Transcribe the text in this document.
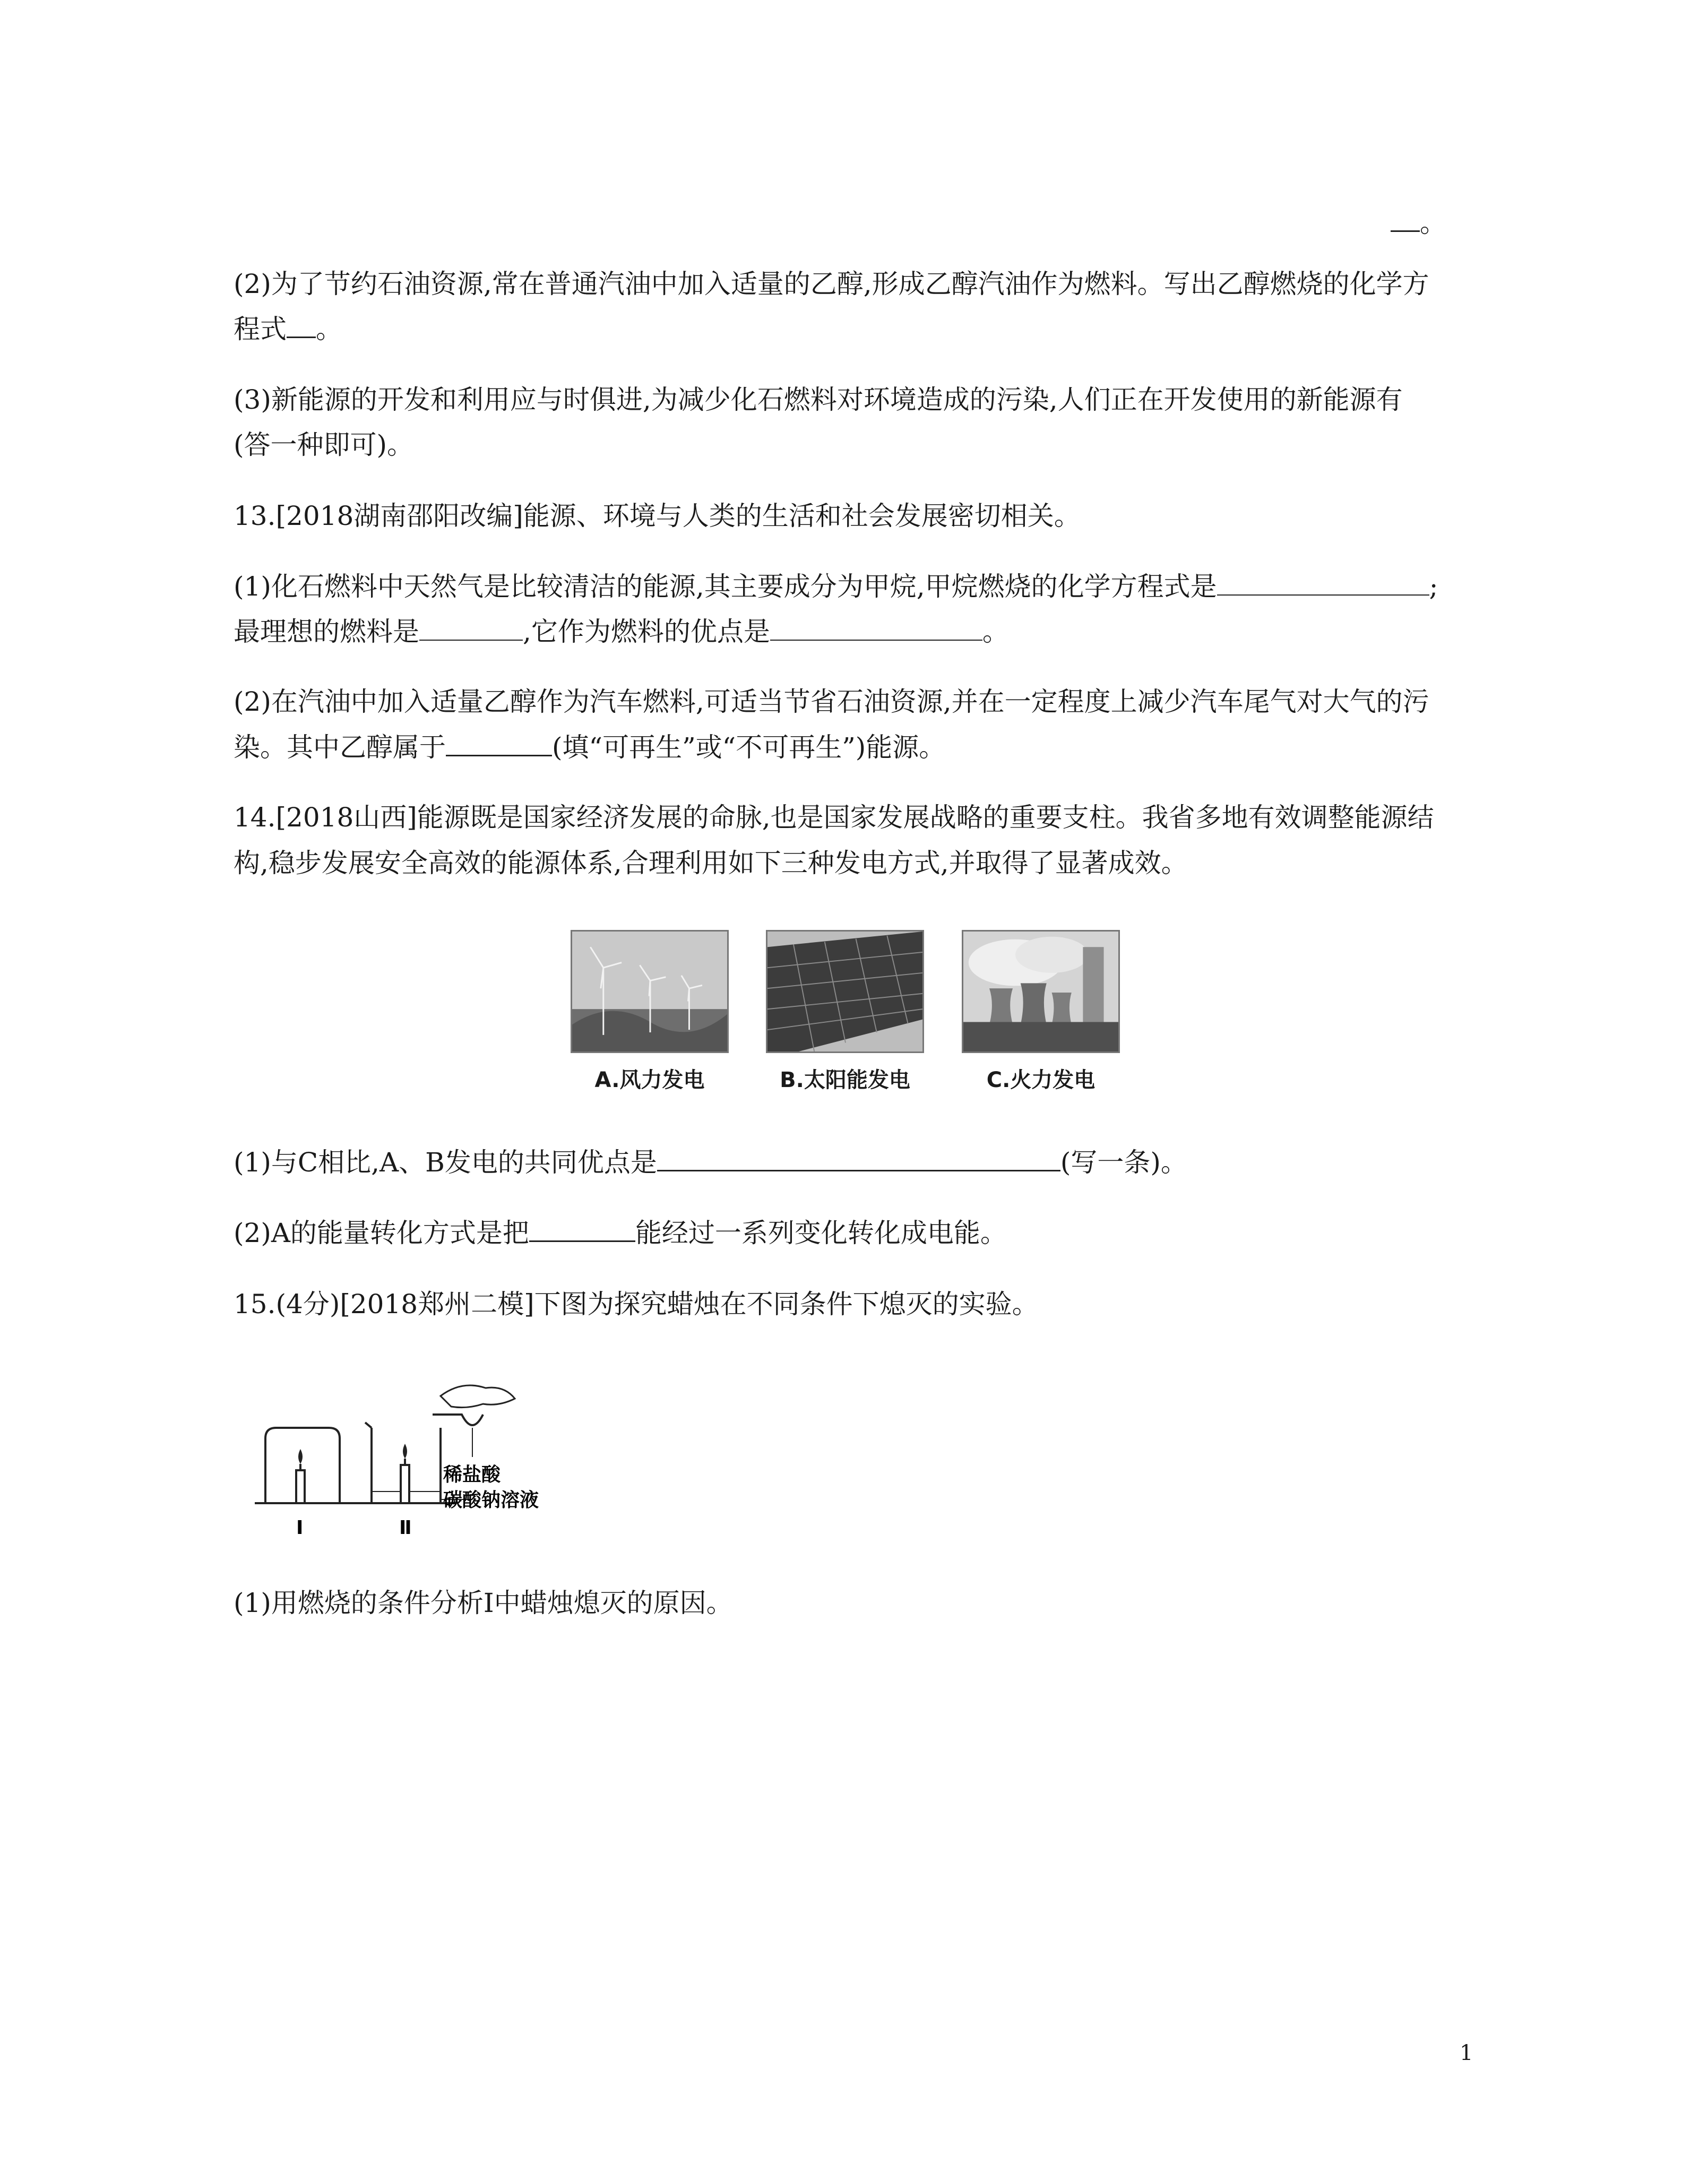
。
(2)为了节约石油资源,常在普通汽油中加入适量的乙醇,形成乙醇汽油作为燃料。写出乙醇燃烧的化学方
程式 。
(3)新能源的开发和利用应与时俱进,为减少化石燃料对环境造成的污染,人们正在开发使用的新能源有
(答一种即可)。
13.[2018湖南邵阳改编]能源、环境与人类的生活和社会发展密切相关。
(1)化石燃料中天然气是比较清洁的能源,其主要成分为甲烷,甲烷燃烧的化学方程式是	;
最理想的燃料是	,它作为燃料的优点是	。
(2)在汽油中加入适量乙醇作为汽车燃料,可适当节省石油资源,并在一定程度上减少汽车尾气对大气的污
染。其中乙醇属于	(填“可再生”或“不可再生”)能源。
14.[2018山西]能源既是国家经济发展的命脉,也是国家发展战略的重要支柱。我省多地有效调整能源结
构,稳步发展安全高效的能源体系,合理利用如下三种发电方式,并取得了显著成效。
A.风力发电	B.太阳能发电	C.火力发电
(1)与C相比,A、B发电的共同优点是	(写一条)。
(2)A的能量转化方式是把	能经过一系列变化转化成电能。
15.(4分)[2018郑州二模]下图为探究蜡烛在不同条件下熄灭的实验。
稀盐酸
碳酸钠溶液
I	Ⅱ
(1)用燃烧的条件分析I中蜡烛熄灭的原因。
1
